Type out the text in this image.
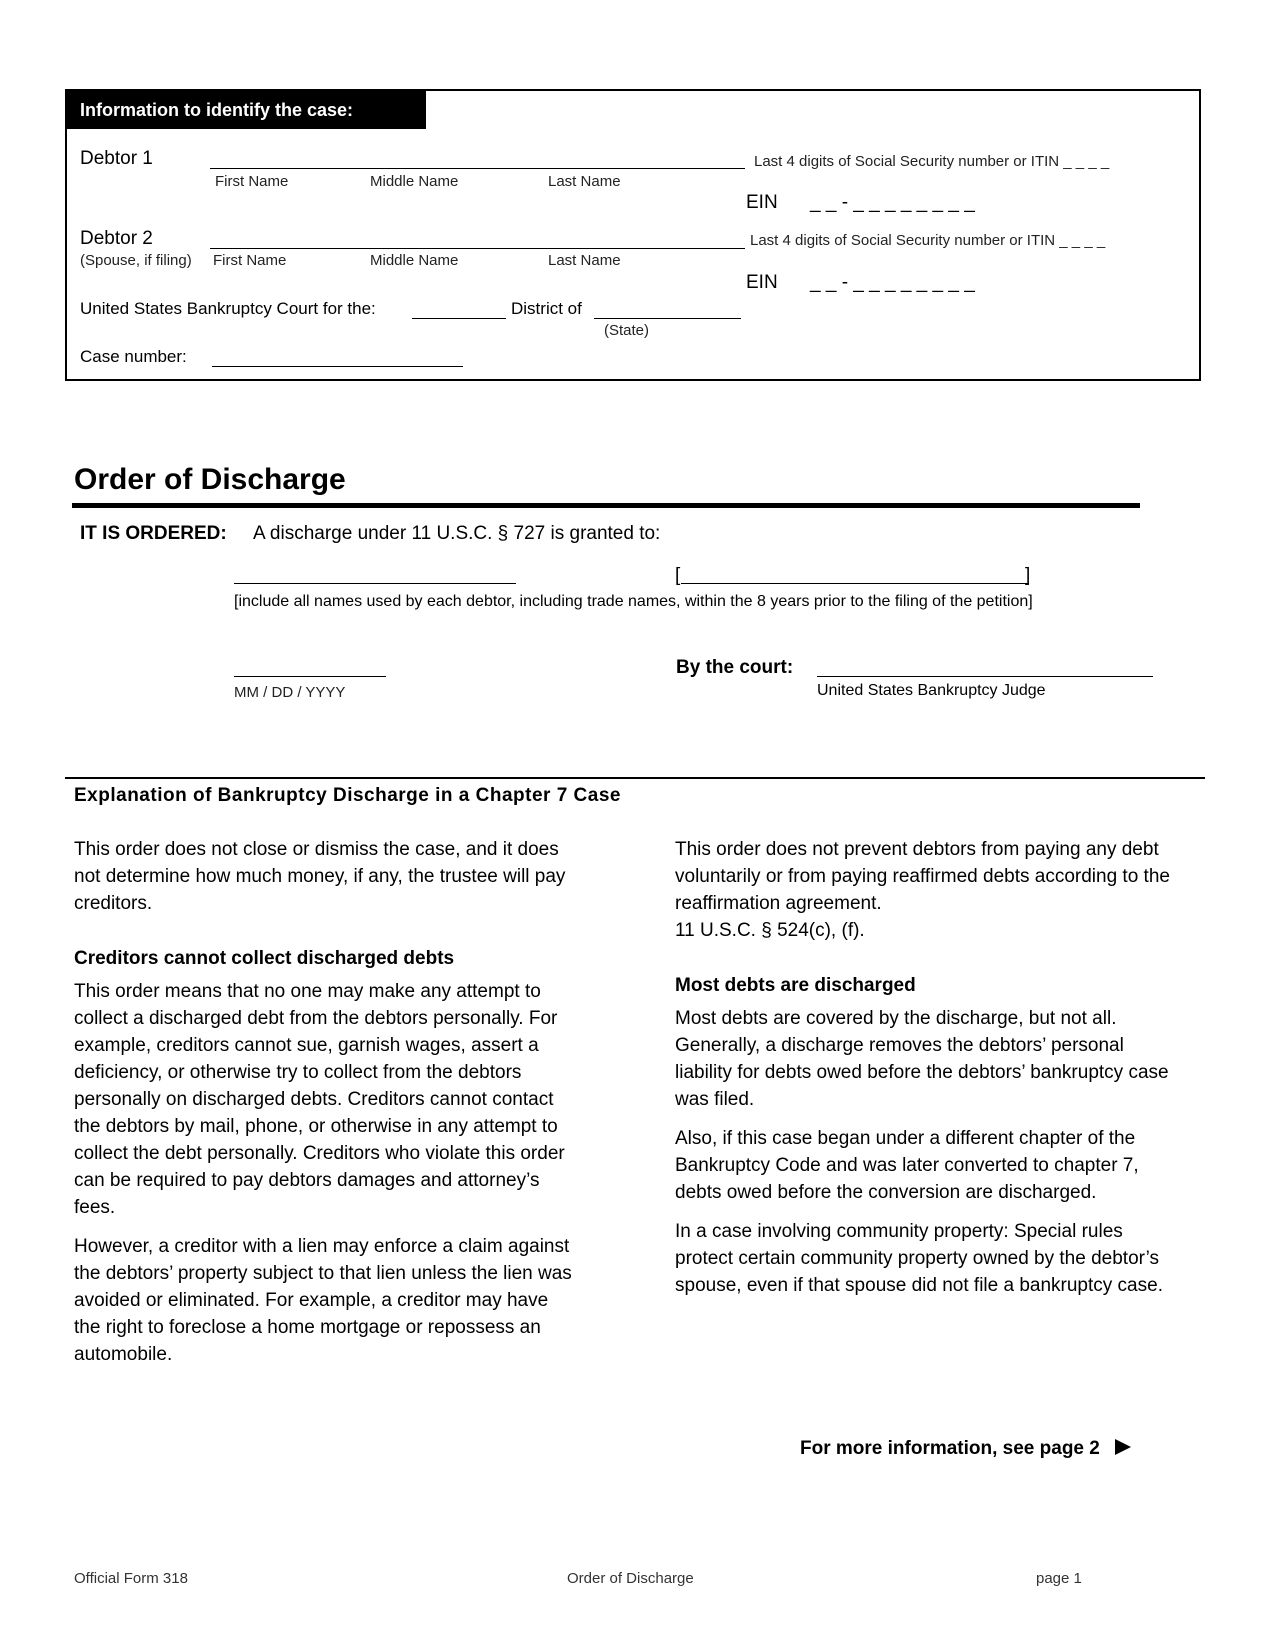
Information to identify the case:
Debtor 1
First Name	Middle Name	Last Name
Last 4 digits of Social Security number or ITIN _ _ _ _
EIN _ _ - _ _ _ _ _ _ _ _
Debtor 2
(Spouse, if filing) First Name	Middle Name	Last Name
Last 4 digits of Social Security number or ITIN _ _ _ _
EIN _ _ - _ _ _ _ _ _ _ _
United States Bankruptcy Court for the:	District of
(State)
Case number:
Order of Discharge
IT IS ORDERED: A discharge under 11 U.S.C. § 727 is granted to:
[	]
[include all names used by each debtor, including trade names, within the 8 years prior to the filing of the petition]
MM / DD / YYYY
By the court:
United States Bankruptcy Judge
Explanation of Bankruptcy Discharge in a Chapter 7 Case

This order does not close or dismiss the case, and it does not determine how much money, if any, the trustee will pay creditors.

Creditors cannot collect discharged debts

This order means that no one may make any attempt to collect a discharged debt from the debtors personally. For example, creditors cannot sue, garnish wages, assert a deficiency, or otherwise try to collect from the debtors personally on discharged debts. Creditors cannot contact the debtors by mail, phone, or otherwise in any attempt to collect the debt personally. Creditors who violate this order can be required to pay debtors damages and attorney’s fees.

However, a creditor with a lien may enforce a claim against the debtors’ property subject to that lien unless the lien was avoided or eliminated. For example, a creditor may have the right to foreclose a home mortgage or repossess an automobile.

This order does not prevent debtors from paying any debt voluntarily or from paying reaffirmed debts according to the reaffirmation agreement.

11 U.S.C. § 524(c), (f).
Most debts are discharged

Most debts are covered by the discharge, but not all. Generally, a discharge removes the debtors’ personal liability for debts owed before the debtors’ bankruptcy case was filed.

Also, if this case began under a different chapter of the Bankruptcy Code and was later converted to chapter 7, debts owed before the conversion are discharged.

In a case involving community property: Special rules protect certain community property owned by the debtor’s spouse, even if that spouse did not file a bankruptcy case.

For more information, see page 2
Official Form 318	Order of Discharge	page 1
